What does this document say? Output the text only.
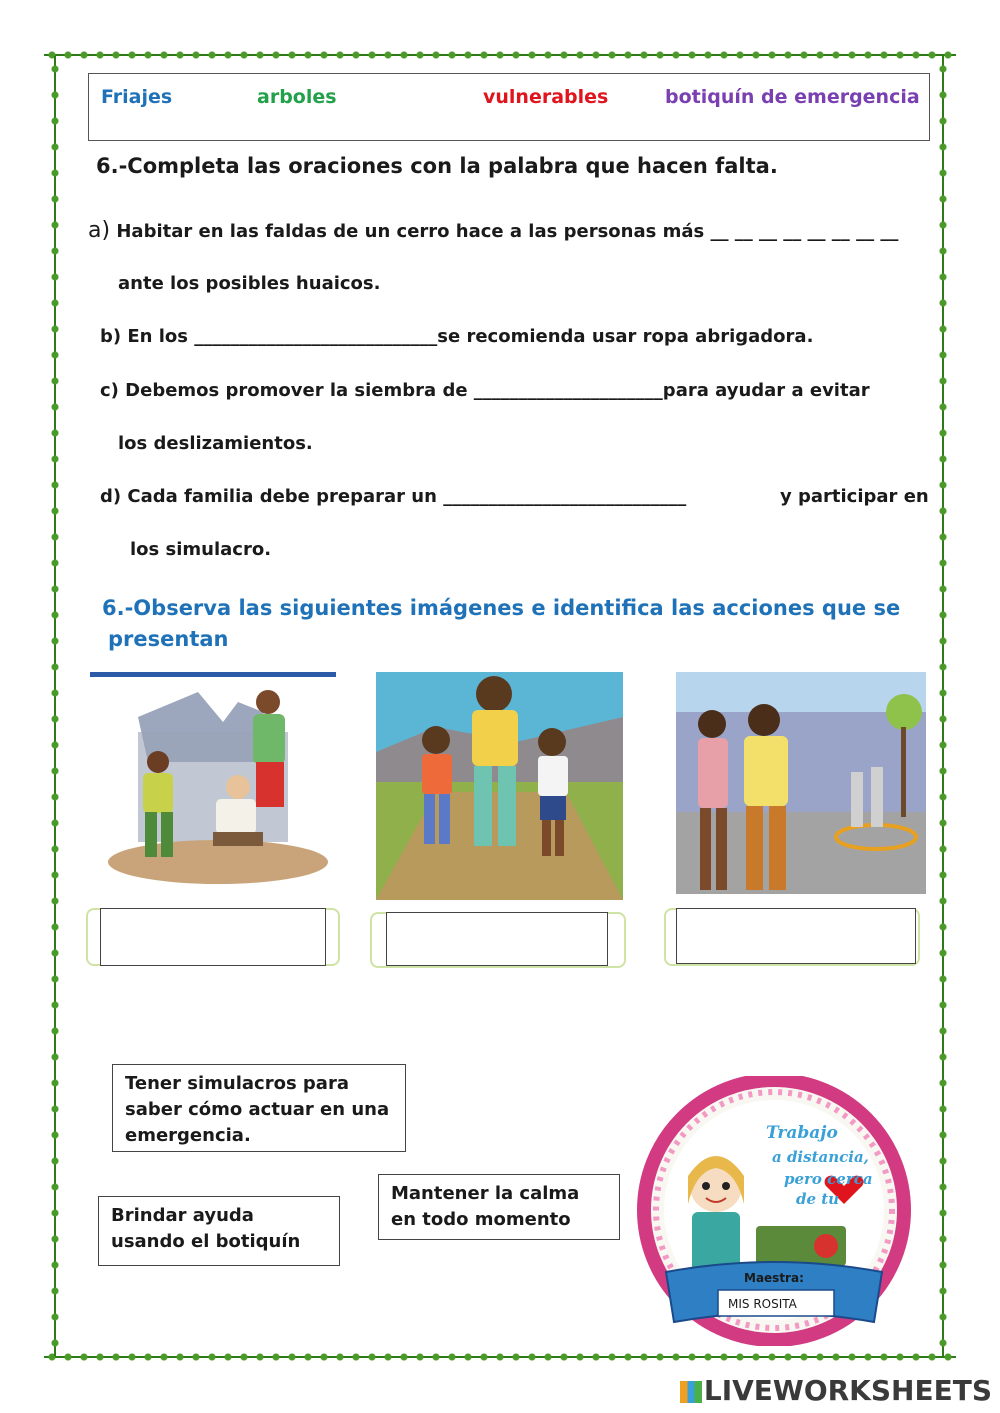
Friajes	arboles	vulnerables	botiquín de emergencia
6.-Completa las oraciones con la palabra que hacen falta.
a) Habitar en las faldas de un cerro hace a las personas más __ __ __ __ __ __ __ __
ante los posibles huaicos.
b) En los ___________________________se recomienda usar ropa abrigadora.
c) Debemos promover la siembra de _____________________para ayudar a evitar
los deslizamientos.
d) Cada familia debe preparar un ___________________________	y participar en
los simulacro.
6.-Observa las siguientes imágenes e identifica las acciones que se
presentan
Tener simulacros para saber cómo actuar en una emergencia.
Brindar ayuda usando el botiquín
Mantener la calma en todo momento
Trabajo
a distancia,
pero cerca
de tu
Maestra:
MIS ROSITA
LIVEWORKSHEETS
